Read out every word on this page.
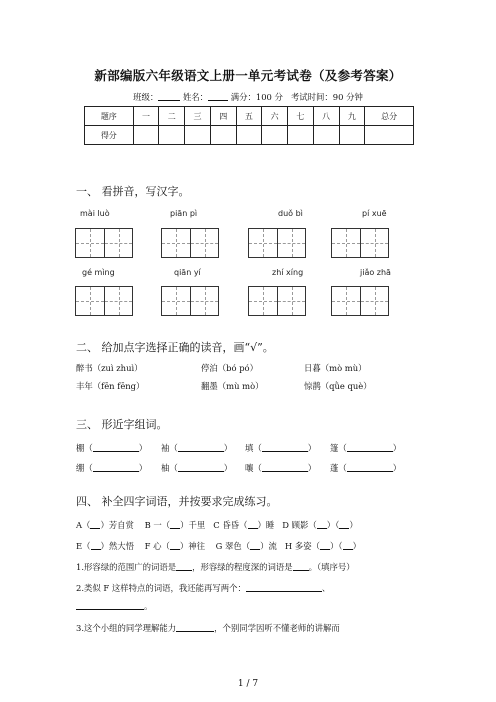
新部编版六年级语文上册一单元考试卷（及参考答案）
班级：	姓名：	满分：100 分 考试时间：90 分钟
题序	一	二	三	四	五	六	七	八	九	总分
得分										
一、 看拼音，写汉字。
mài luò	piān pì	duǒ bì	pí xuē
gé mìng	qiān yí	zhí xíng	jiǎo zhā
二、 给加点字选择正确的读音，画“√”。
醉书（zuì zhuì）	停泊（bó pó）	日暮（mò mù）
丰年（fēn fēng）	翻墨（mù mò）	惊鹊（qǜe què）
三、 形近字组词。
棚（	） 袖（	） 填（	） 篷（	）
绷（	） 柚（	） 嚷（	） 蓬（	）
四、 补全四字词语，并按要求完成练习。
A（ ）芳自赏 B 一（ ）千里 C 昏昏（ ）睡 D 顾影（ ）（ ）
E（ ）然大悟 F 心（ ）神往 G 翠色（ ）流 H 多姿（ ）（ ）
1.形容绿的范围广的词语是 ，形容绿的程度深的词语是 。（填序号）
2.类似 F 这样特点的词语，我还能再写两个：	、
。
3.这个小组的同学理解能力	，个别同学因听不懂老师的讲解而
1 / 7
